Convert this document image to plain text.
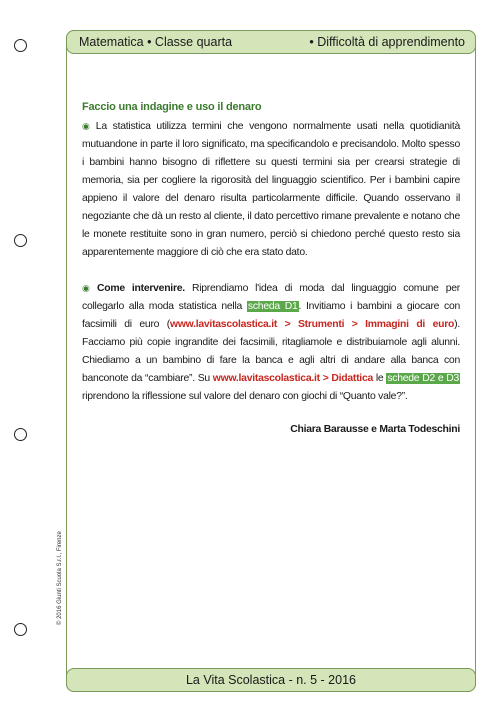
Matematica • Classe quarta	• Difficoltà di apprendimento
© 2016 Giunti Scuola S.r.l., Firenze
Faccio una indagine e uso il denaro

◉ La statistica utilizza termini che vengono normalmente usati nella quotidianità mutuandone in parte il loro significato, ma specificandolo e precisandolo. Molto spesso i bambini hanno bisogno di riflettere su questi termini sia per crearsi strategie di memoria, sia per cogliere la rigorosità del linguaggio scientifico. Per i bambini capire appieno il valore del denaro risulta particolarmente difficile. Quando osservano il negoziante che dà un resto al cliente, il dato percettivo rimane prevalente e notano che le monete restituite sono in gran numero, perciò si chiedono perché questo resto sia apparentemente maggiore di ciò che era stato dato.

◉ Come intervenire. Riprendiamo l'idea di moda dal linguaggio comune per collegarlo alla moda statistica nella scheda D1. Invitiamo i bambini a giocare con facsimili di euro (www.lavitascolastica.it > Strumenti > Immagini di euro). Facciamo più copie ingrandite dei facsimili, ritagliamole e distribuiamole agli alunni. Chiediamo a un bambino di fare la banca e agli altri di andare alla banca con banconote da “cambiare”. Su www.lavitascolastica.it > Didattica le schede D2 e D3 riprendono la riflessione sul valore del denaro con giochi di “Quanto vale?”.

Chiara Barausse e Marta Todeschini
La Vita Scolastica - n. 5 - 2016
